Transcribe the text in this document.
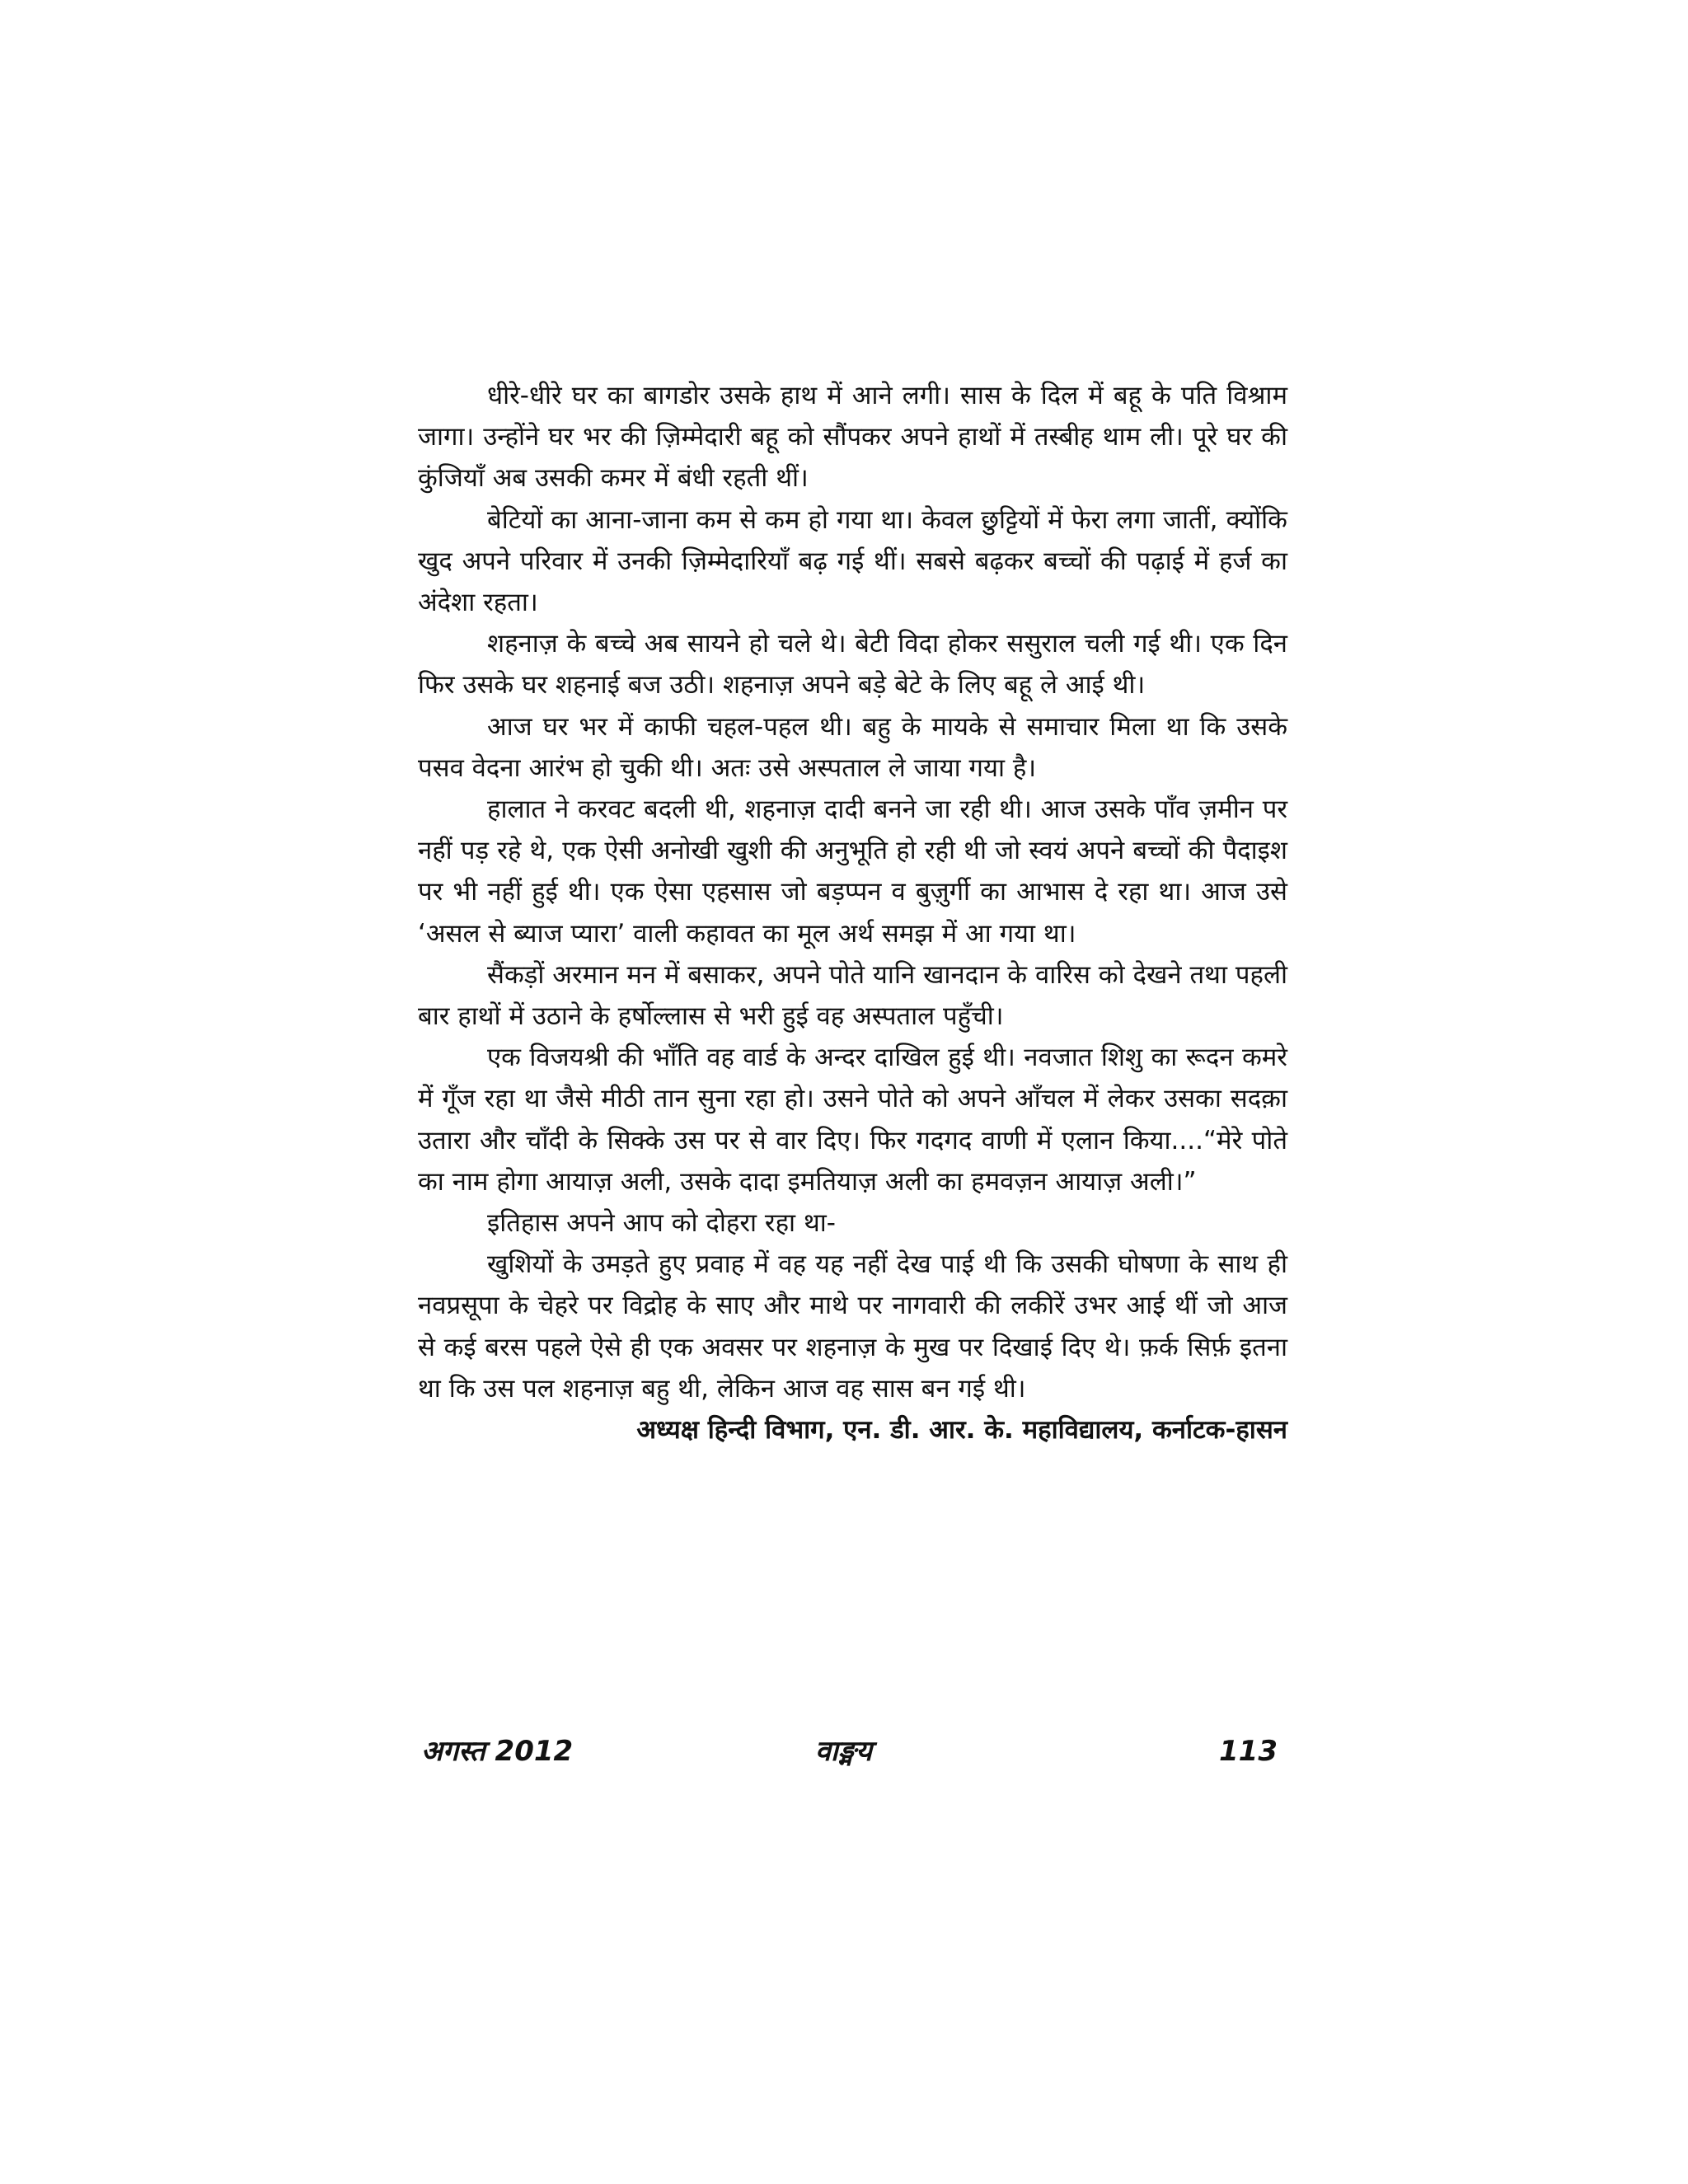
धीरे-धीरे घर का बागडोर उसके हाथ में आने लगी। सास के दिल में बहू के पति विश्राम जागा। उन्होंने घर भर की ज़िम्मेदारी बहू को सौंपकर अपने हाथों में तस्बीह थाम ली। पूरे घर की कुंजियाँ अब उसकी कमर में बंधी रहती थीं।

बेटियों का आना-जाना कम से कम हो गया था। केवल छुट्टियों में फेरा लगा जातीं, क्योंकि खुद अपने परिवार में उनकी ज़िम्मेदारियाँ बढ़ गई थीं। सबसे बढ़कर बच्चों की पढ़ाई में हर्ज का अंदेशा रहता।

शहनाज़ के बच्चे अब सायने हो चले थे। बेटी विदा होकर ससुराल चली गई थी। एक दिन फिर उसके घर शहनाई बज उठी। शहनाज़ अपने बड़े बेटे के लिए बहू ले आई थी।

आज घर भर में काफी चहल-पहल थी। बहु के मायके से समाचार मिला था कि उसके पसव वेदना आरंभ हो चुकी थी। अतः उसे अस्पताल ले जाया गया है।

हालात ने करवट बदली थी, शहनाज़ दादी बनने जा रही थी। आज उसके पाँव ज़मीन पर नहीं पड़ रहे थे, एक ऐसी अनोखी खुशी की अनुभूति हो रही थी जो स्वयं अपने बच्चों की पैदाइश पर भी नहीं हुई थी। एक ऐसा एहसास जो बड़प्पन व बुज़ुर्गी का आभास दे रहा था। आज उसे ‘असल से ब्याज प्यारा’ वाली कहावत का मूल अर्थ समझ में आ गया था।

सैंकड़ों अरमान मन में बसाकर, अपने पोते यानि खानदान के वारिस को देखने तथा पहली बार हाथों में उठाने के हर्षोल्लास से भरी हुई वह अस्पताल पहुँची।

एक विजयश्री की भाँति वह वार्ड के अन्दर दाखिल हुई थी। नवजात शिशु का रूदन कमरे में गूँज रहा था जैसे मीठी तान सुना रहा हो। उसने पोते को अपने आँचल में लेकर उसका सदक़ा उतारा और चाँदी के सिक्के उस पर से वार दिए। फिर गदगद वाणी में एलान किया....“मेरे पोते का नाम होगा आयाज़ अली, उसके दादा इमतियाज़ अली का हमवज़न आयाज़ अली।”

इतिहास अपने आप को दोहरा रहा था-

खुशियों के उमड़ते हुए प्रवाह में वह यह नहीं देख पाई थी कि उसकी घोषणा के साथ ही नवप्रसूपा के चेहरे पर विद्रोह के साए और माथे पर नागवारी की लकीरें उभर आई थीं जो आज से कई बरस पहले ऐसे ही एक अवसर पर शहनाज़ के मुख पर दिखाई दिए थे। फ़र्क सिर्फ़ इतना था कि उस पल शहनाज़ बहु थी, लेकिन आज वह सास बन गई थी।

अध्यक्ष हिन्दी विभाग, एन. डी. आर. के. महाविद्यालय, कर्नाटक-हासन

अगस्त 2012	वाङ्मय	113
